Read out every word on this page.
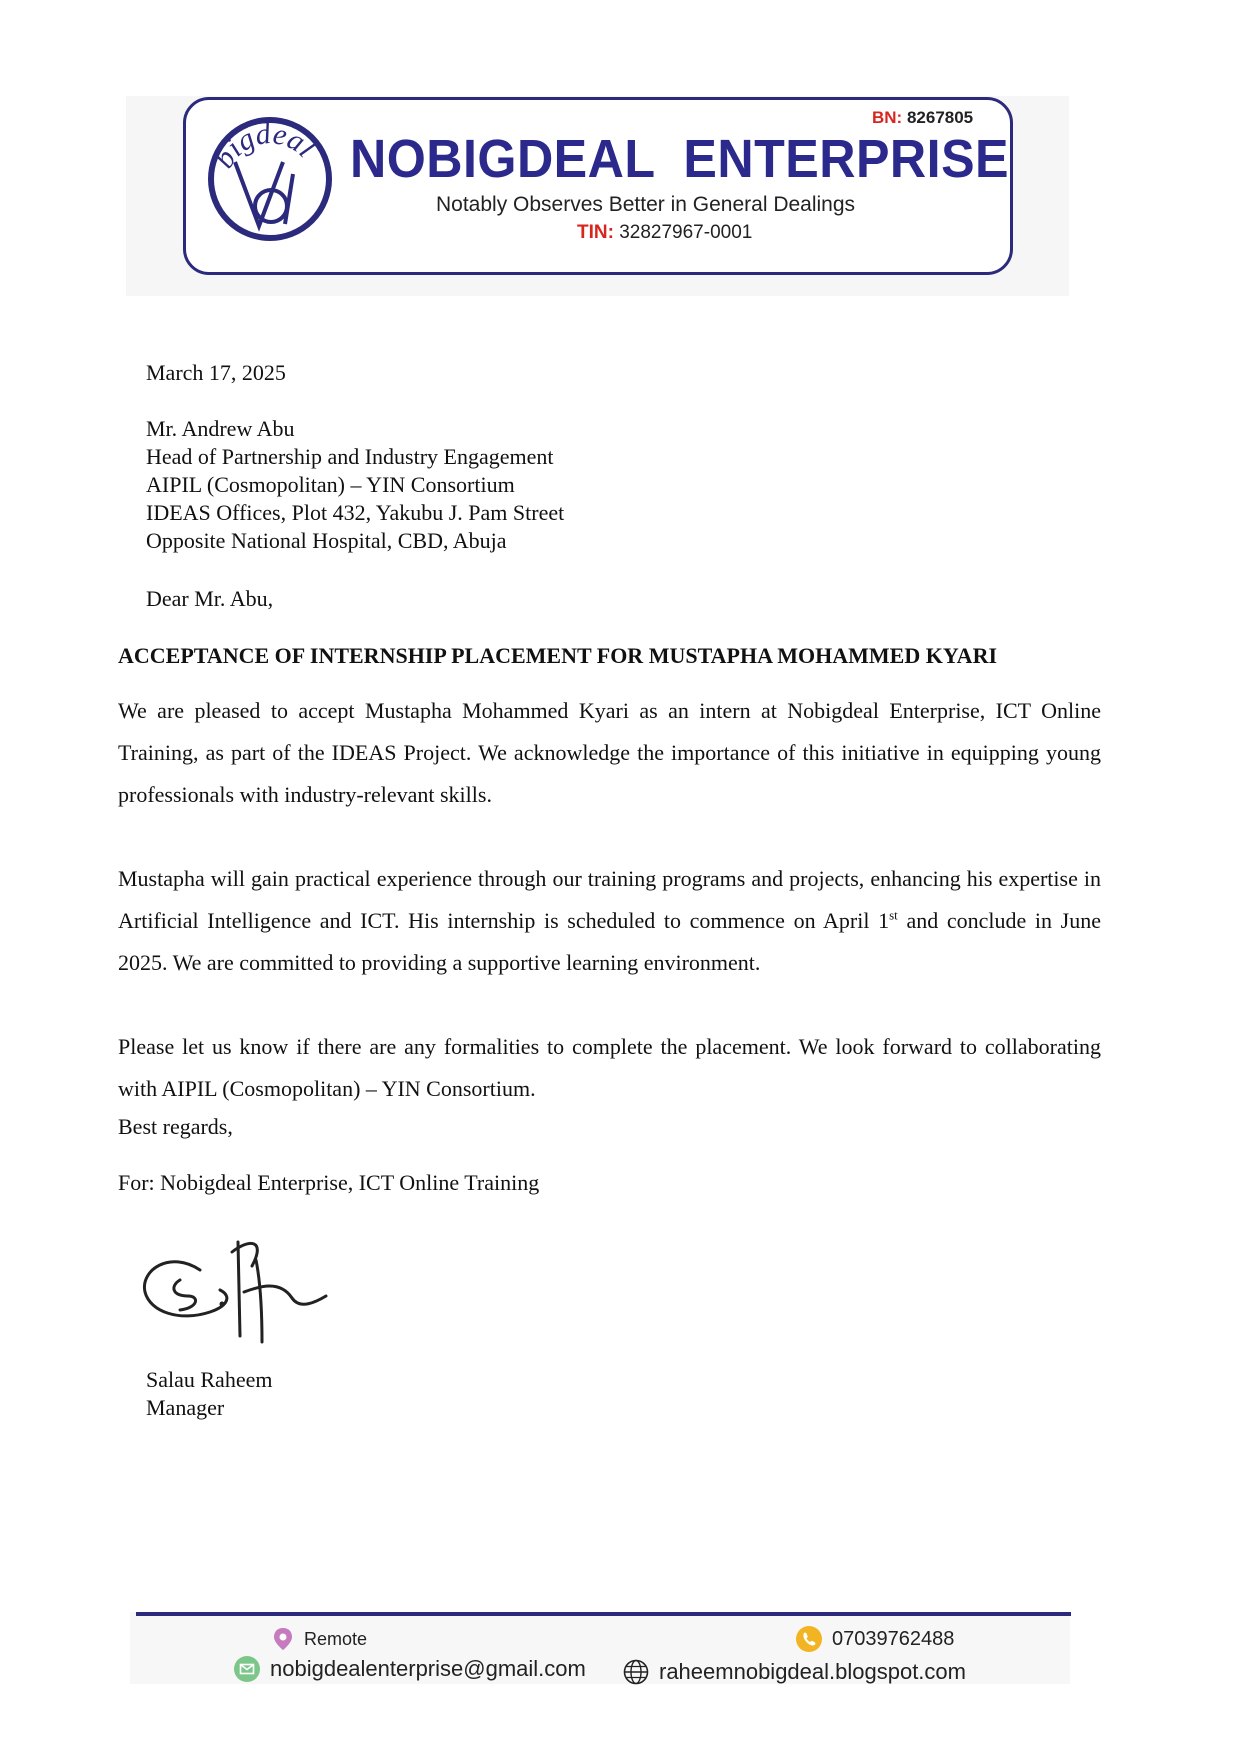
bigdeal
BN: 8267805
NOBIGDEAL  ENTERPRISE
Notably Observes Better in General Dealings
TIN: 32827967-0001
March 17, 2025
Mr. Andrew Abu
Head of Partnership and Industry Engagement
AIPIL (Cosmopolitan) – YIN Consortium
IDEAS Offices, Plot 432, Yakubu J. Pam Street
Opposite National Hospital, CBD, Abuja
Dear Mr. Abu,
ACCEPTANCE OF INTERNSHIP PLACEMENT FOR MUSTAPHA MOHAMMED KYARI
We are pleased to accept Mustapha Mohammed Kyari as an intern at Nobigdeal Enterprise, ICT Online Training, as part of the IDEAS Project. We acknowledge the importance of this initiative in equipping young professionals with industry-relevant skills.
Mustapha will gain practical experience through our training programs and projects, enhancing his expertise in Artificial Intelligence and ICT. His internship is scheduled to commence on April 1st and conclude in June 2025. We are committed to providing a supportive learning environment.
Please let us know if there are any formalities to complete the placement. We look forward to collaborating with AIPIL (Cosmopolitan) – YIN Consortium.
Best regards,
For: Nobigdeal Enterprise, ICT Online Training
Salau Raheem
Manager
Remote	07039762488
nobigdealenterprise@gmail.com	raheemnobigdeal.blogspot.com
